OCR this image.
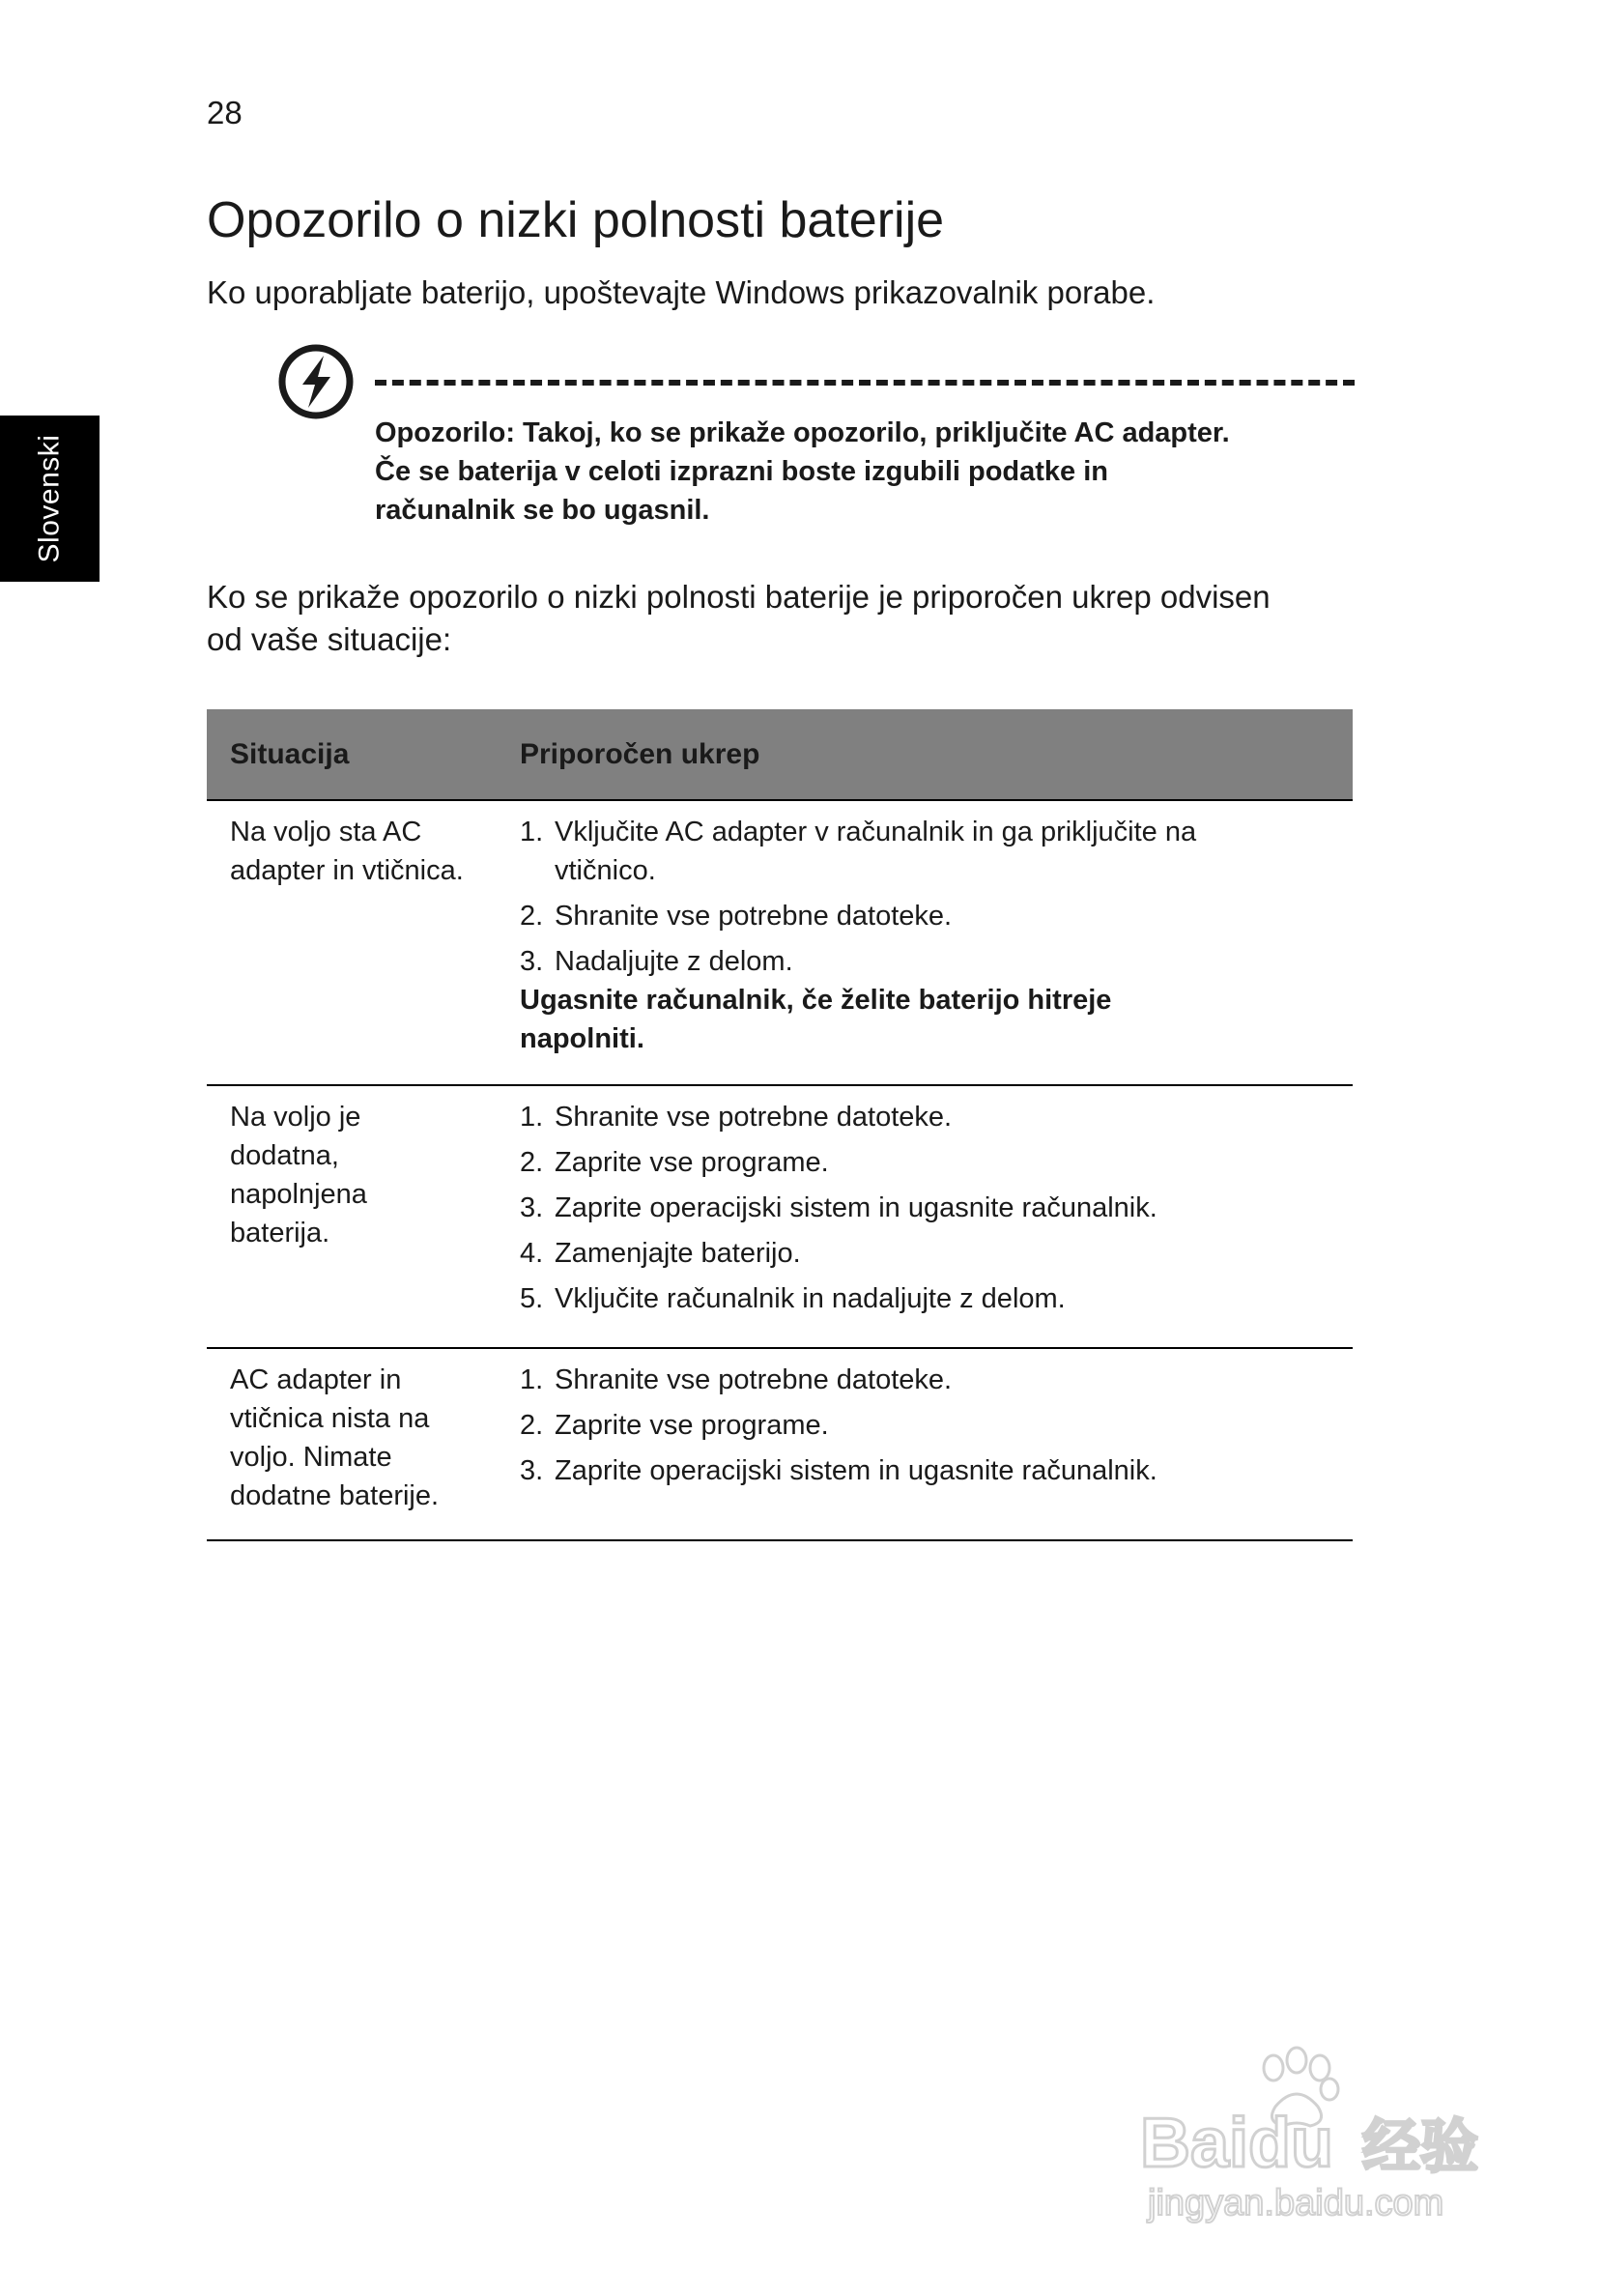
28
Slovenski
Opozorilo o nizki polnosti baterije
Ko uporabljate baterijo, upoštevajte Windows prikazovalnik porabe.
Opozorilo: Takoj, ko se prikaže opozorilo, priključite AC adapter.
Če se baterija v celoti izprazni boste izgubili podatke in
računalnik se bo ugasnil.
Ko se prikaže opozorilo o nizki polnosti baterije je priporočen ukrep odvisen
od vaše situacije:
Situacija	Priporočen ukrep
Na voljo sta AC
adapter in vtičnica.
1. Vključite AC adapter v računalnik in ga priključite na
vtičnico.
2. Shranite vse potrebne datoteke.
3. Nadaljujte z delom.
Ugasnite računalnik, če želite baterijo hitreje
napolniti.
Na voljo je
dodatna,
napolnjena
baterija.
1. Shranite vse potrebne datoteke.
2. Zaprite vse programe.
3. Zaprite operacijski sistem in ugasnite računalnik.
4. Zamenjajte baterijo.
5. Vključite računalnik in nadaljujte z delom.
AC adapter in
vtičnica nista na
voljo. Nimate
dodatne baterije.
1. Shranite vse potrebne datoteke.
2. Zaprite vse programe.
3. Zaprite operacijski sistem in ugasnite računalnik.
Baidu 经验
jingyan.baidu.com
